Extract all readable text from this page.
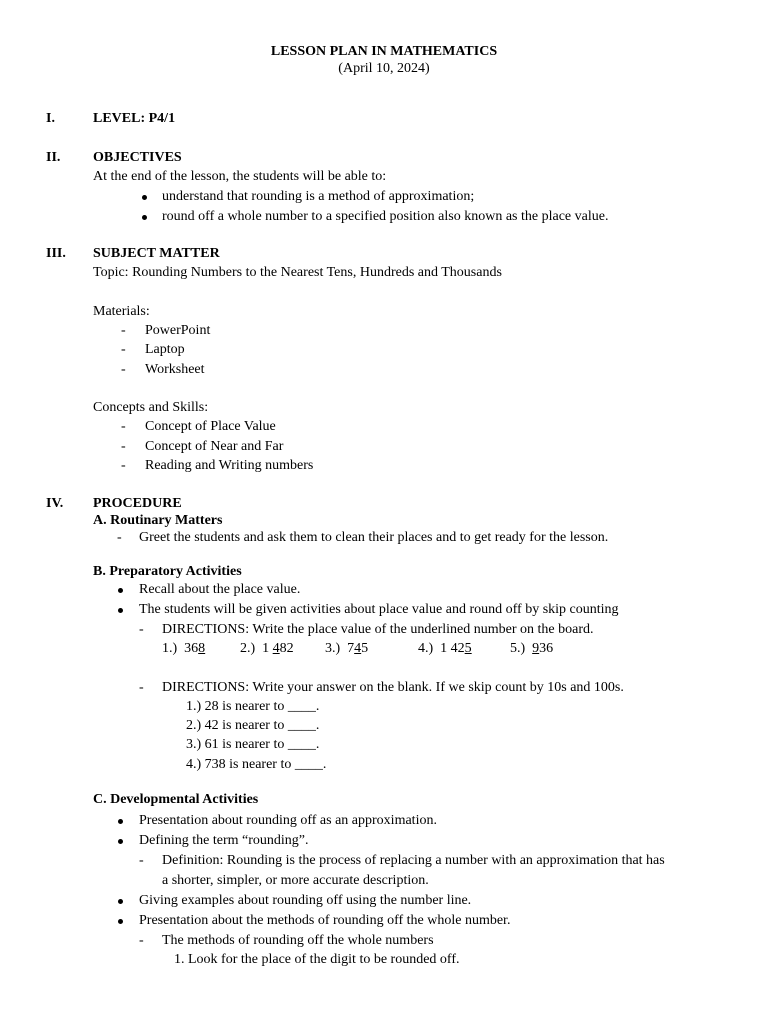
LESSON PLAN IN MATHEMATICS
(April 10, 2024)
I.	LEVEL: P4/1
II. OBJECTIVES
At the end of the lesson, the students will be able to:
understand that rounding is a method of approximation;
round off a whole number to a specified position also known as the place value.
III. SUBJECT MATTER
Topic: Rounding Numbers to the Nearest Tens, Hundreds and Thousands
Materials:
- PowerPoint
- Laptop
- Worksheet
Concepts and Skills:
- Concept of Place Value
- Concept of Near and Far
- Reading and Writing numbers
IV. PROCEDURE
A. Routinary Matters
- Greet the students and ask them to clean their places and to get ready for the lesson.
B. Preparatory Activities
Recall about the place value.
The students will be given activities about place value and round off by skip counting
- DIRECTIONS: Write the place value of the underlined number on the board.
1.) 368 2.) 1 482 3.) 745	4.) 1 425	5.) 936
- DIRECTIONS: Write your answer on the blank. If we skip count by 10s and 100s.
1.) 28 is nearer to ____.
2.) 42 is nearer to ____.
3.) 61 is nearer to ____.
4.) 738 is nearer to ____.
C. Developmental Activities
Presentation about rounding off as an approximation.
Defining the term “rounding”.
- Definition: Rounding is the process of replacing a number with an approximation that has
a shorter, simpler, or more accurate description.
Giving examples about rounding off using the number line.
Presentation about the methods of rounding off the whole number.
- The methods of rounding off the whole numbers
1. Look for the place of the digit to be rounded off.
